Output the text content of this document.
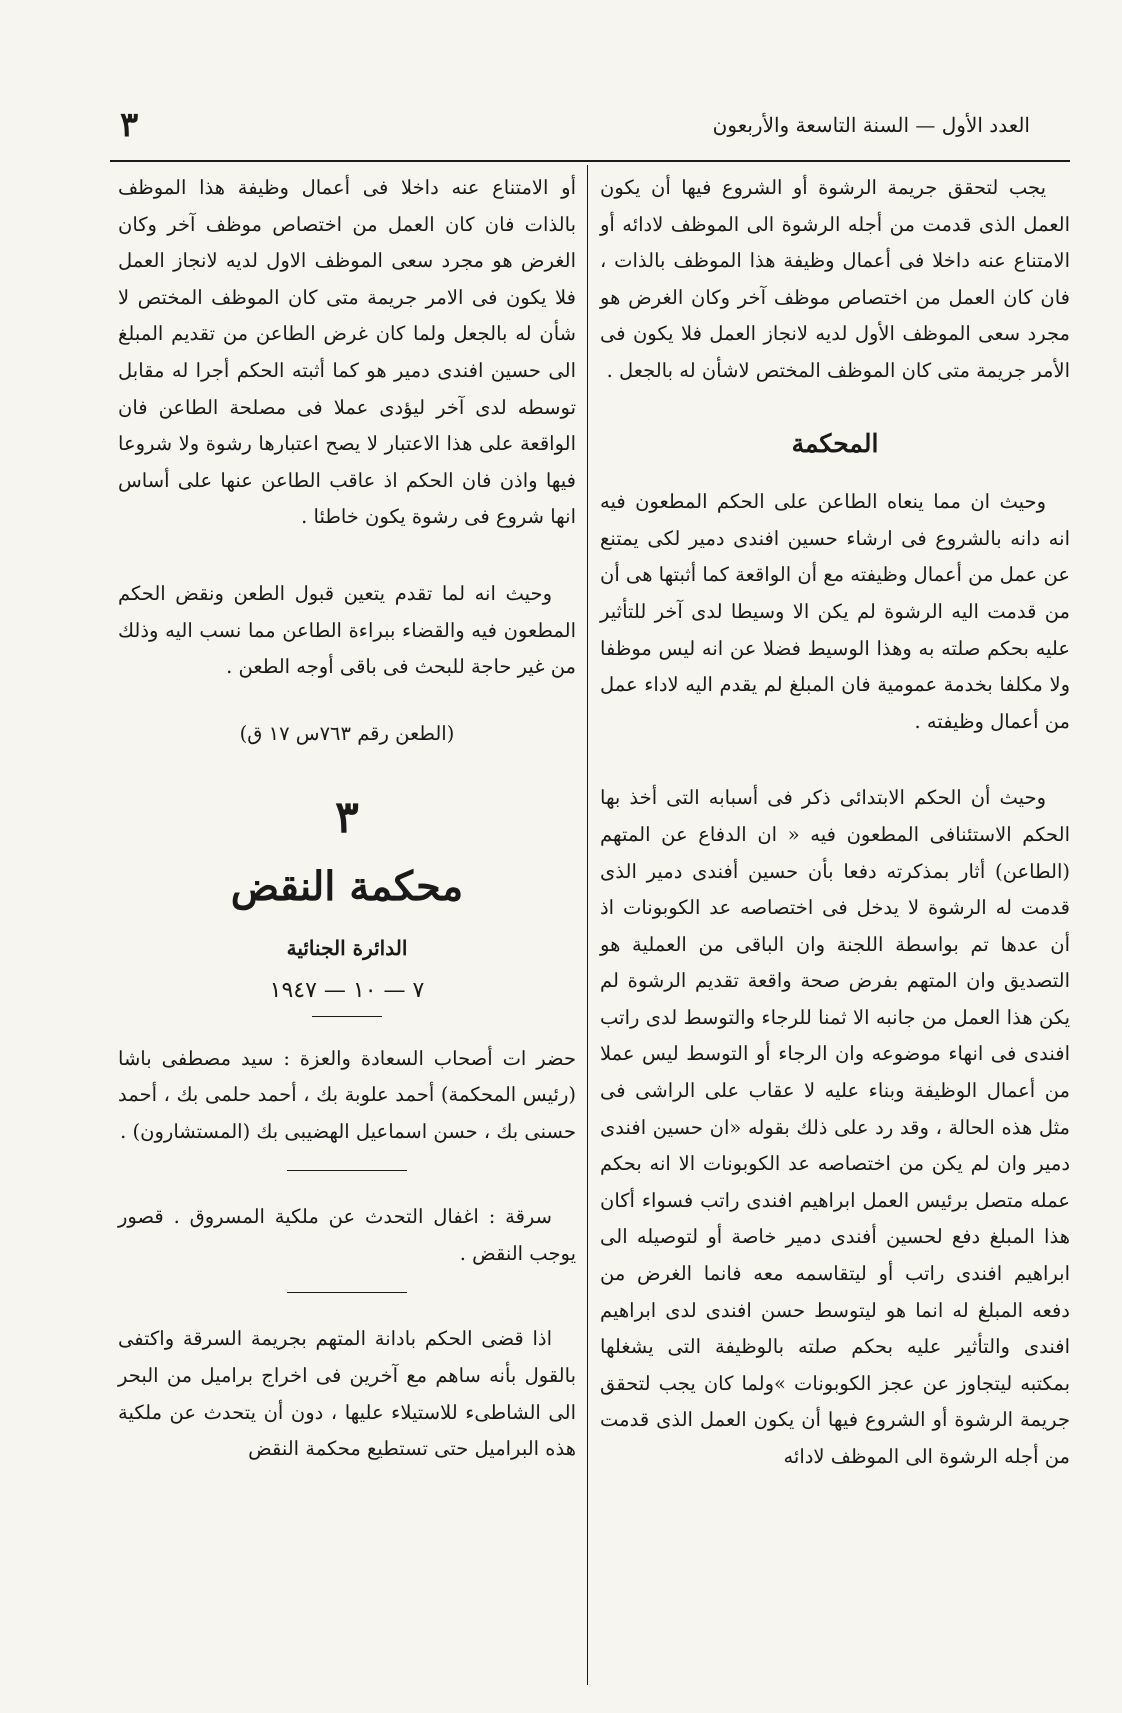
العدد الأول — السنة التاسعة والأربعون
٣

يجب لتحقق جريمة الرشوة أو الشروع فيها أن يكون العمل الذى قدمت من أجله الرشوة الى الموظف لادائه أو الامتناع عنه داخلا فى أعمال وظيفة هذا الموظف بالذات ، فان كان العمل من اختصاص موظف آخر وكان الغرض هو مجرد سعى الموظف الأول لديه لانجاز العمل فلا يكون فى الأمر جريمة متى كان الموظف المختص لاشأن له بالجعل .

المحكمة

وحيث ان مما ينعاه الطاعن على الحكم المطعون فيه انه دانه بالشروع فى ارشاء حسين افندى دمير لكى يمتنع عن عمل من أعمال وظيفته مع أن الواقعة كما أثبتها هى أن من قدمت اليه الرشوة لم يكن الا وسيطا لدى آخر للتأثير عليه بحكم صلته به وهذا الوسيط فضلا عن انه ليس موظفا ولا مكلفا بخدمة عمومية فان المبلغ لم يقدم اليه لاداء عمل من أعمال وظيفته .

وحيث أن الحكم الابتدائى ذكر فى أسبابه التى أخذ بها الحكم الاستئنافى المطعون فيه « ان الدفاع عن المتهم (الطاعن) أثار بمذكرته دفعا بأن حسين أفندى دمير الذى قدمت له الرشوة لا يدخل فى اختصاصه عد الكوبونات اذ أن عدها تم بواسطة اللجنة وان الباقى من العملية هو التصديق وان المتهم بفرض صحة واقعة تقديم الرشوة لم يكن هذا العمل من جانبه الا ثمنا للرجاء والتوسط لدى راتب افندى فى انهاء موضوعه وان الرجاء أو التوسط ليس عملا من أعمال الوظيفة وبناء عليه لا عقاب على الراشى فى مثل هذه الحالة ، وقد رد على ذلك بقوله «ان حسين افندى دمير وان لم يكن من اختصاصه عد الكوبونات الا انه بحكم عمله متصل برئيس العمل ابراهيم افندى راتب فسواء أكان هذا المبلغ دفع لحسين أفندى دمير خاصة أو لتوصيله الى ابراهيم افندى راتب أو ليتقاسمه معه فانما الغرض من دفعه المبلغ له انما هو ليتوسط حسن افندى لدى ابراهيم افندى والتأثير عليه بحكم صلته بالوظيفة التى يشغلها بمكتبه ليتجاوز عن عجز الكوبونات »ولما كان يجب لتحقق جريمة الرشوة أو الشروع فيها أن يكون العمل الذى قدمت من أجله الرشوة الى الموظف لادائه

أو الامتناع عنه داخلا فى أعمال وظيفة هذا الموظف بالذات فان كان العمل من اختصاص موظف آخر وكان الغرض هو مجرد سعى الموظف الاول لديه لانجاز العمل فلا يكون فى الامر جريمة متى كان الموظف المختص لا شأن له بالجعل ولما كان غرض الطاعن من تقديم المبلغ الى حسين افندى دمير هو كما أثبته الحكم أجرا له مقابل توسطه لدى آخر ليؤدى عملا فى مصلحة الطاعن فان الواقعة على هذا الاعتبار لا يصح اعتبارها رشوة ولا شروعا فيها واذن فان الحكم اذ عاقب الطاعن عنها على أساس انها شروع فى رشوة يكون خاطئا .

وحيث انه لما تقدم يتعين قبول الطعن ونقض الحكم المطعون فيه والقضاء ببراءة الطاعن مما نسب اليه وذلك من غير حاجة للبحث فى باقى أوجه الطعن .

(الطعن رقم ٧٦٣س ١٧ ق)
٣
محكمة النقض
الدائرة الجنائية
٧ — ١٠ — ١٩٤٧

حضر ات أصحاب السعادة والعزة : سيد مصطفى باشا (رئيس المحكمة) أحمد علوبة بك ، أحمد حلمى بك ، أحمد حسنى بك ، حسن اسماعيل الهضيبى بك (المستشارون) .

سرقة : اغفال التحدث عن ملكية المسروق . قصور يوجب النقض .

اذا قضى الحكم بادانة المتهم بجريمة السرقة واكتفى بالقول بأنه ساهم مع آخرين فى اخراج براميل من البحر الى الشاطىء للاستيلاء عليها ، دون أن يتحدث عن ملكية هذه البراميل حتى تستطيع محكمة النقض
